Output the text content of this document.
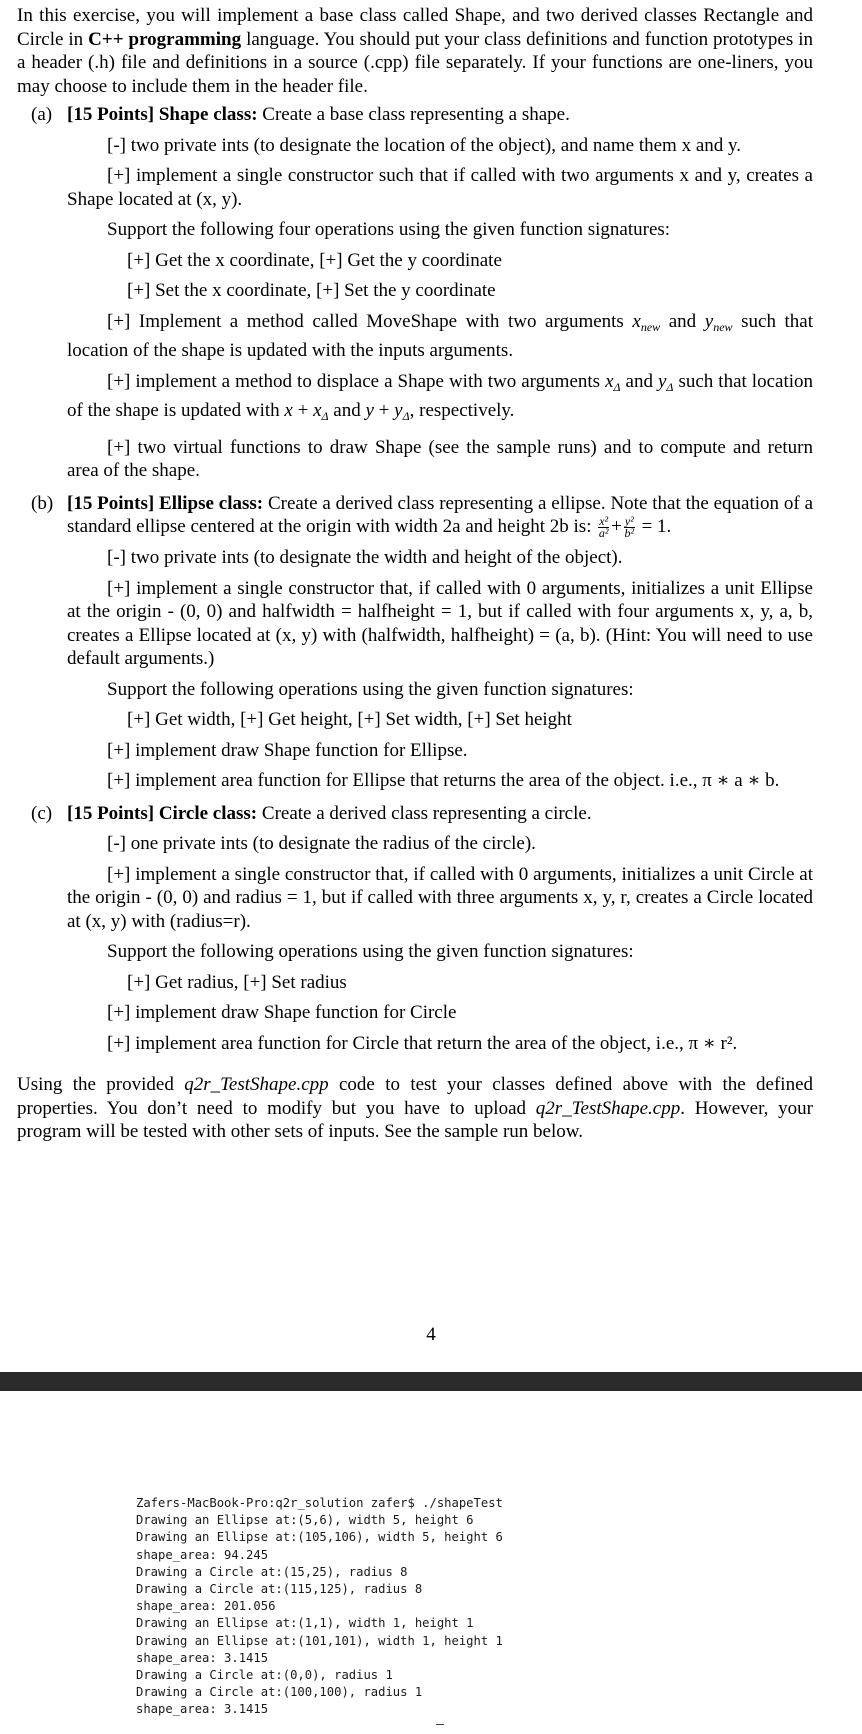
In this exercise, you will implement a base class called Shape, and two derived classes Rectangle and Circle in C++ programming language. You should put your class definitions and function prototypes in a header (.h) file and definitions in a source (.cpp) file separately. If your functions are one-liners, you may choose to include them in the header file.

(a) [15 Points] Shape class: Create a base class representing a shape.

[-] two private ints (to designate the location of the object), and name them x and y.

[+] implement a single constructor such that if called with two arguments x and y, creates a Shape located at (x, y).

Support the following four operations using the given function signatures:

[+] Get the x coordinate, [+] Get the y coordinate

[+] Set the x coordinate, [+] Set the y coordinate

[+] Implement a method called MoveShape with two arguments $x_{new}$ and $y_{new}$ such that location of the shape is updated with the inputs arguments.

[+] implement a method to displace a Shape with two arguments $x_\Delta$ and $y_\Delta$ such that location of the shape is updated with $x + x_\Delta$ and $y + y_\Delta$, respectively.

[+] two virtual functions to draw Shape (see the sample runs) and to compute and return area of the shape.

(b) [15 Points] Ellipse class: Create a derived class representing a ellipse. Note that the equation of a standard ellipse centered at the origin with width 2a and height 2b is: $\frac{\text{x²}}{\text{a²}} + \frac{\text{y²}}{\text{b²}} = 1$.

[-] two private ints (to designate the width and height of the object).

[+] implement a single constructor that, if called with 0 arguments, initializes a unit Ellipse at the origin - (0, 0) and halfwidth = halfheight = 1, but if called with four arguments x, y, a, b, creates a Ellipse located at (x, y) with (halfwidth, halfheight) = (a, b). (Hint: You will need to use default arguments.)

Support the following operations using the given function signatures:

[+] Get width, [+] Get height, [+] Set width, [+] Set height

[+] implement draw Shape function for Ellipse.

[+] implement area function for Ellipse that returns the area of the object. i.e., π ∗ a ∗ b.

(c) [15 Points] Circle class: Create a derived class representing a circle.

[-] one private ints (to designate the radius of the circle).

[+] implement a single constructor that, if called with 0 arguments, initializes a unit Circle at the origin - (0, 0) and radius = 1, but if called with three arguments x, y, r, creates a Circle located at (x, y) with (radius=r).

Support the following operations using the given function signatures:

[+] Get radius, [+] Set radius

[+] implement draw Shape function for Circle

[+] implement area function for Circle that return the area of the object, i.e., π ∗ r².

Using the provided q2r_TestShape.cpp code to test your classes defined above with the defined properties. You don’t need to modify but you have to upload q2r_TestShape.cpp. However, your program will be tested with other sets of inputs. See the sample run below.

4
Zafers-MacBook-Pro:q2r_solution zafer$ ./shapeTest
Drawing an Ellipse at:(5,6), width 5, height 6
Drawing an Ellipse at:(105,106), width 5, height 6
shape_area: 94.245
Drawing a Circle at:(15,25), radius 8
Drawing a Circle at:(115,125), radius 8
shape_area: 201.056
Drawing an Ellipse at:(1,1), width 1, height 1
Drawing an Ellipse at:(101,101), width 1, height 1
shape_area: 3.1415
Drawing a Circle at:(0,0), radius 1
Drawing a Circle at:(100,100), radius 1
shape_area: 3.1415
